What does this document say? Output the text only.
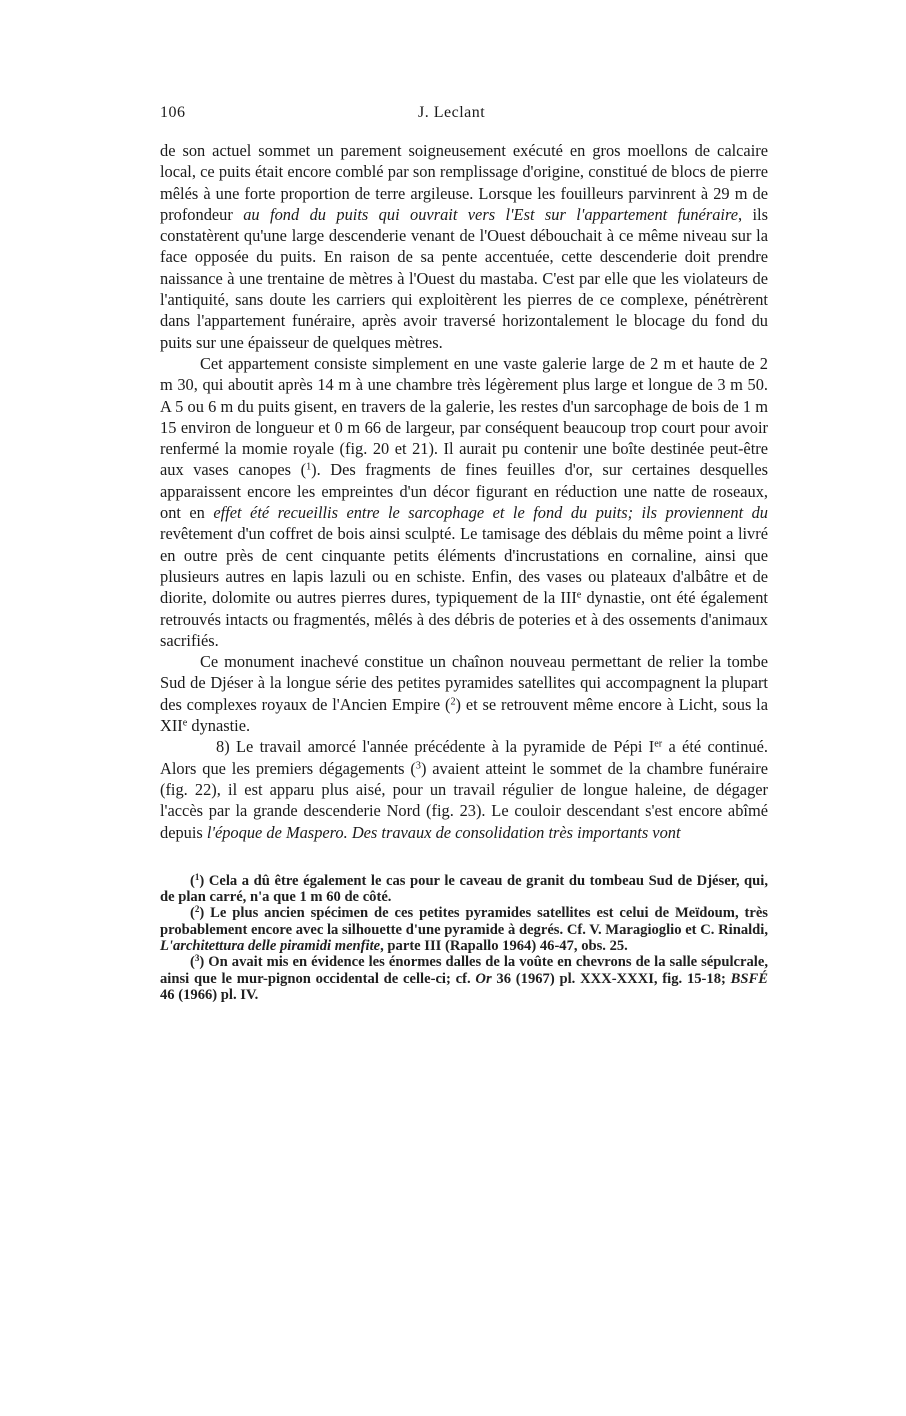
106	J. Leclant

de son actuel sommet un parement soigneusement exécuté en gros moellons de calcaire local, ce puits était encore comblé par son remplissage d'origine, constitué de blocs de pierre mêlés à une forte proportion de terre argileuse. Lorsque les fouilleurs parvinrent à 29 m de profondeur au fond du puits qui ouvrait vers l'Est sur l'appartement funéraire, ils constatèrent qu'une large descenderie venant de l'Ouest débouchait à ce même niveau sur la face opposée du puits. En raison de sa pente accentuée, cette descenderie doit prendre naissance à une trentaine de mètres à l'Ouest du mastaba. C'est par elle que les violateurs de l'antiquité, sans doute les carriers qui exploitèrent les pierres de ce complexe, pénétrèrent dans l'appartement funéraire, après avoir traversé horizontalement le blocage du fond du puits sur une épaisseur de quelques mètres.

Cet appartement consiste simplement en une vaste galerie large de 2 m et haute de 2 m 30, qui aboutit après 14 m à une chambre très légèrement plus large et longue de 3 m 50. A 5 ou 6 m du puits gisent, en travers de la galerie, les restes d'un sarcophage de bois de 1 m 15 environ de longueur et 0 m 66 de largeur, par conséquent beaucoup trop court pour avoir renfermé la momie royale (fig. 20 et 21). Il aurait pu contenir une boîte destinée peut-être aux vases canopes ($^1$). Des fragments de fines feuilles d'or, sur certaines desquelles apparaissent encore les empreintes d'un décor figurant en réduction une natte de roseaux, ont en effet été recueillis entre le sarcophage et le fond du puits; ils proviennent du revêtement d'un coffret de bois ainsi sculpté. Le tamisage des déblais du même point a livré en outre près de cent cinquante petits éléments d'incrustations en cornaline, ainsi que plusieurs autres en lapis lazuli ou en schiste. Enfin, des vases ou plateaux d'albâtre et de diorite, dolomite ou autres pierres dures, typiquement de la IIIe dynastie, ont été également retrouvés intacts ou fragmentés, mêlés à des débris de poteries et à des ossements d'animaux sacrifiés.

Ce monument inachevé constitue un chaînon nouveau permettant de relier la tombe Sud de Djéser à la longue série des petites pyramides satellites qui accompagnent la plupart des complexes royaux de l'Ancien Empire ($^2$) et se retrouvent même encore à Licht, sous la XIIe dynastie.

8) Le travail amorcé l'année précédente à la pyramide de Pépi Ier a été continué. Alors que les premiers dégagements ($^3$) avaient atteint le sommet de la chambre funéraire (fig. 22), il est apparu plus aisé, pour un travail régulier de longue haleine, de dégager l'accès par la grande descenderie Nord (fig. 23). Le couloir descendant s'est encore abîmé depuis l'époque de Maspero. Des travaux de consolidation très importants vont

($^1$) Cela a dû être également le cas pour le caveau de granit du tombeau Sud de Djéser, qui, de plan carré, n'a que 1 m 60 de côté.

($^2$) Le plus ancien spécimen de ces petites pyramides satellites est celui de Meïdoum, très probablement encore avec la silhouette d'une pyramide à degrés. Cf. V. Maragioglio et C. Rinaldi, L'architettura delle piramidi menfite, parte III (Rapallo 1964) 46-47, obs. 25.

($^3$) On avait mis en évidence les énormes dalles de la voûte en chevrons de la salle sépulcrale, ainsi que le mur-pignon occidental de celle-ci; cf. Or 36 (1967) pl. XXX-XXXI, fig. 15-18; BSFÉ 46 (1966) pl. IV.
